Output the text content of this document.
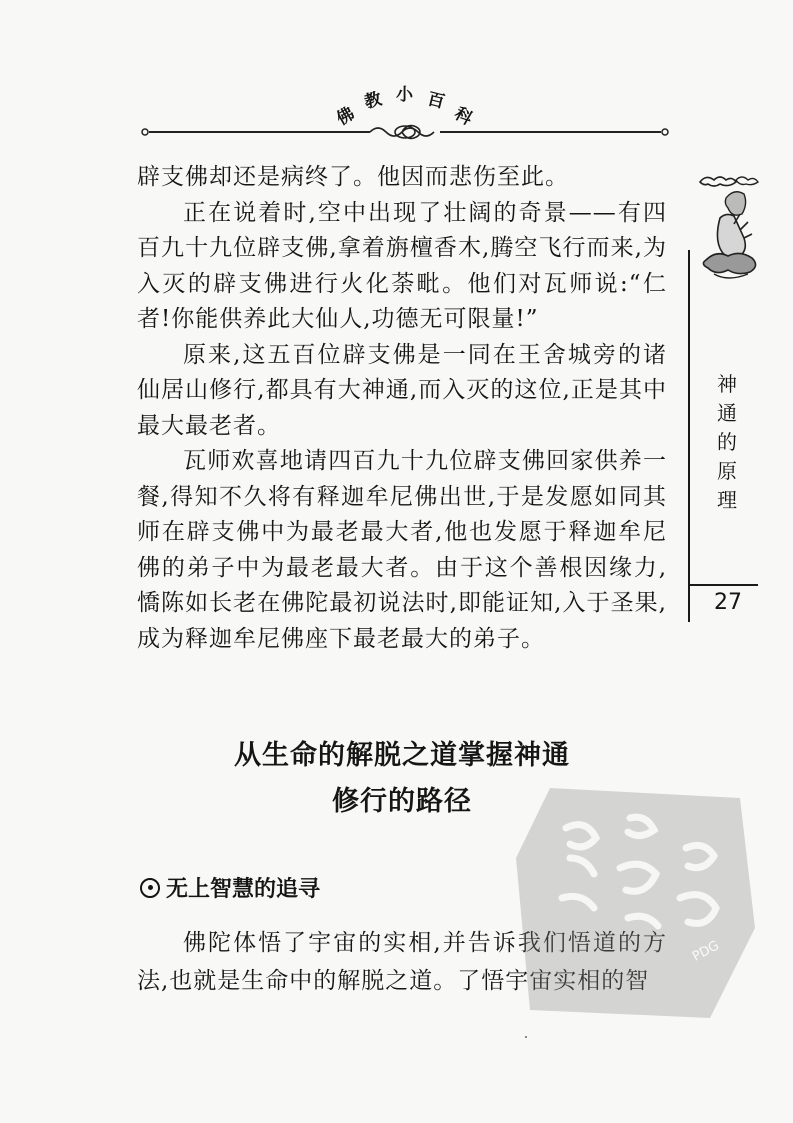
佛
教 小 百
科

辟支佛却还是病终了。他因而悲伤至此。

正在说着时,空中出现了壮阔的奇景——有四百九十九位辟支佛,拿着旃檀香木,腾空飞行而来,为入灭的辟支佛进行火化荼毗。他们对瓦师说:“仁者!你能供养此大仙人,功德无可限量!”

原来,这五百位辟支佛是一同在王舍城旁的诸仙居山修行,都具有大神通,而入灭的这位,正是其中最大最老者。

瓦师欢喜地请四百九十九位辟支佛回家供养一餐,得知不久将有释迦牟尼佛出世,于是发愿如同其师在辟支佛中为最老最大者,他也发愿于释迦牟尼佛的弟子中为最老最大者。由于这个善根因缘力,憍陈如长老在佛陀最初说法时,即能证知,入于圣果,成为释迦牟尼佛座下最老最大的弟子。

从生命的解脱之道掌握神通
修行的路径
无上智慧的追寻

佛陀体悟了宇宙的实相,并告诉我们悟道的方法,也就是生命中的解脱之道。了悟宇宙实相的智

神
通
的
原
理
27
PDG
